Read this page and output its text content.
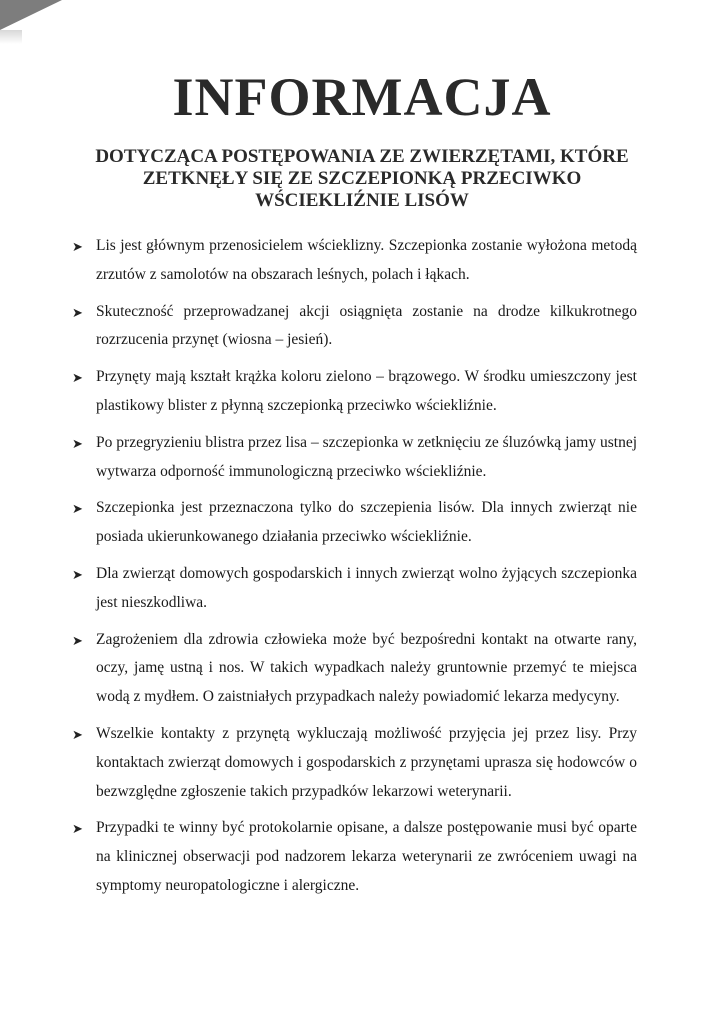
INFORMACJA
DOTYCZĄCA POSTĘPOWANIA ZE ZWIERZĘTAMI, KTÓRE
ZETKNĘŁY SIĘ ZE SZCZEPIONKĄ PRZECIWKO
WŚCIEKLIŹNIE LISÓW
➤ Lis jest głównym przenosicielem wścieklizny. Szczepionka zostanie wyłożona metodą zrzutów z samolotów na obszarach leśnych, polach i łąkach.
➤ Skuteczność przeprowadzanej akcji osiągnięta zostanie na drodze kilkukrotnego rozrzucenia przynęt (wiosna – jesień).
➤ Przynęty mają kształt krążka koloru zielono – brązowego. W środku umieszczony jest plastikowy blister z płynną szczepionką przeciwko wściekliźnie.
➤ Po przegryzieniu blistra przez lisa – szczepionka w zetknięciu ze śluzówką jamy ustnej wytwarza odporność immunologiczną przeciwko wściekliźnie.
➤ Szczepionka jest przeznaczona tylko do szczepienia lisów. Dla innych zwierząt nie posiada ukierunkowanego działania przeciwko wściekliźnie.
➤ Dla zwierząt domowych gospodarskich i innych zwierząt wolno żyjących szczepionka jest nieszkodliwa.
➤ Zagrożeniem dla zdrowia człowieka może być bezpośredni kontakt na otwarte rany, oczy, jamę ustną i nos. W takich wypadkach należy gruntownie przemyć te miejsca wodą z mydłem. O zaistniałych przypadkach należy powiadomić lekarza medycyny.
➤ Wszelkie kontakty z przynętą wykluczają możliwość przyjęcia jej przez lisy. Przy kontaktach zwierząt domowych i gospodarskich z przynętami uprasza się hodowców o bezwzględne zgłoszenie takich przypadków lekarzowi weterynarii.
➤ Przypadki te winny być protokolarnie opisane, a dalsze postępowanie musi być oparte na klinicznej obserwacji pod nadzorem lekarza weterynarii ze zwróceniem uwagi na symptomy neuropatologiczne i alergiczne.
